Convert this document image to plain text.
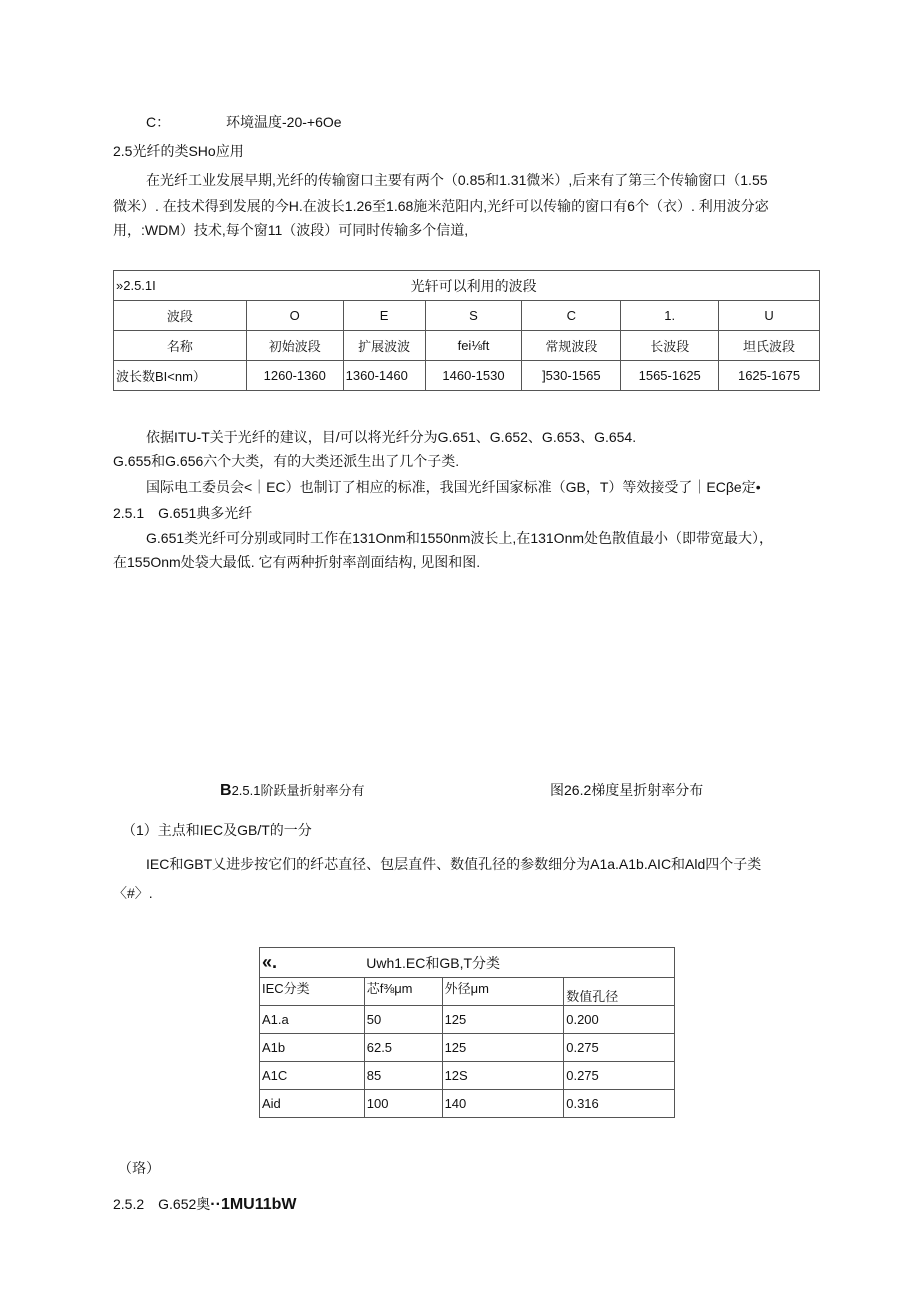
C：	环境温度-20-+6Oe
2.5光纤的类SHo应用
在光纤工业发展早期,光纤的传输窗口主要有两个（0.85和1.31微米）,后来有了第三个传输窗口（1.55
微米）. 在技术得到发展的今H.在波长1.26至1.68施米范阳内,光纤可以传输的窗口有6个（衣）. 利用波分宓
用，:WDM）技术,每个窗11（波段）可同时传输多个信道,
»2.5.1I	光轩可以利用的波段					
波段	O	E	S	C	1.	U
名称	初始波段	扩展波波	fei⅛ft	常规波段	长波段	坦氏波段
波长数BI<nm）	1260-1360	1360-1460	1460-1530	]530-1565	1565-1625	1625-1675
依据ITU-T关于光纤的建议，目/可以将光纤分为G.651、G.652、G.653、G.654.
G.655和G.656六个大类，有的大类还派生出了几个子类.
国际电工委员会<｜EC）也制订了相应的标准，我国光纤国家标准（GB，T）等效接受了｜ECβe定•
2.5.1　G.651典多光纤
G.651类光纤可分别或同时工作在131Onm和1550nm波长上,在131Onm处色散值最小（即带宽最大），
在155Onm处袋大最低. 它有两种折射率剖面结构, 见图和图.
B2.5.1阶跃量折射率分有	图26.2梯度星折射率分布
（1）主点和IEC及GB/T的一分
IEC和GBT乂进步按它们的纤芯直径、包层直件、数值孔径的参数细分为A1a.A1b.AIC和Ald四个子类
〈#〉.
«.	Uwh1.EC和GB,T分类		
IEC分类	芯f⅜μm	外径μm	数值孔径
A1.a	50	125	0.200
A1b	62.5	125	0.275
A1C	85	12S	0.275
Aid	100	140	0.316
（珞）
2.5.2　G.652奥··1MU11bW
